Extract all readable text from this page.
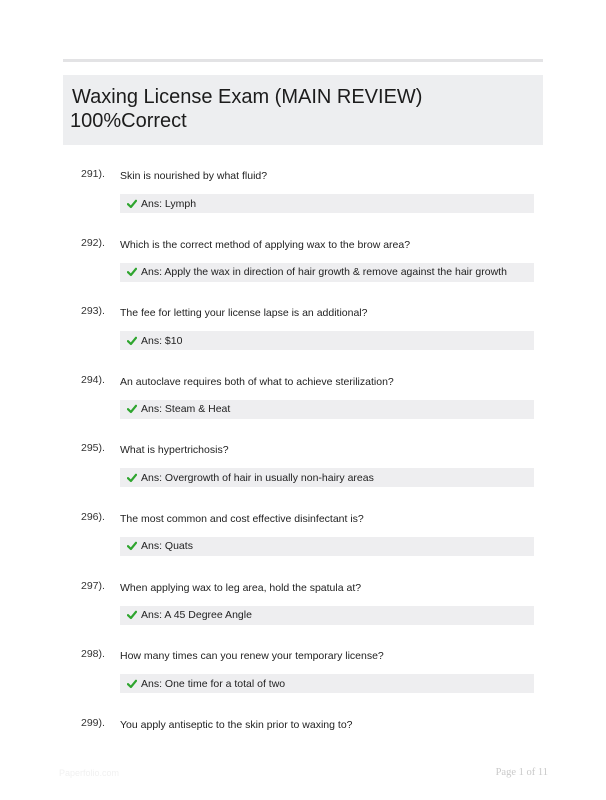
Waxing License Exam (MAIN REVIEW)
100%Correct
291). Skin is nourished by what fluid?
Ans: Lymph
292). Which is the correct method of applying wax to the brow area?
Ans: Apply the wax in direction of hair growth & remove against the hair growth
293). The fee for letting your license lapse is an additional?
Ans: $10
294). An autoclave requires both of what to achieve sterilization?
Ans: Steam & Heat
295). What is hypertrichosis?
Ans: Overgrowth of hair in usually non-hairy areas
296). The most common and cost effective disinfectant is?
Ans: Quats
297). When applying wax to leg area, hold the spatula at?
Ans: A 45 Degree Angle
298). How many times can you renew your temporary license?
Ans: One time for a total of two
299). You apply antiseptic to the skin prior to waxing to?
Paperfolio.com	Page 1 of 11
